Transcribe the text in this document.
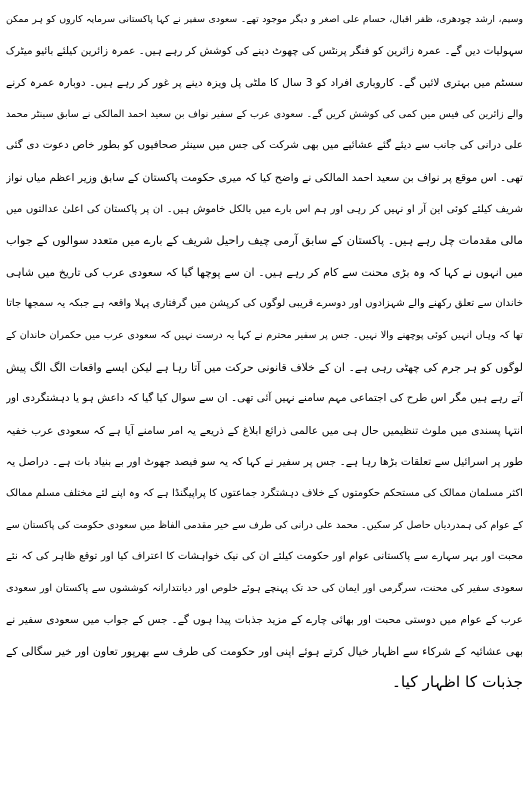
وسیم، ارشد چودھری، ظفر اقبال، حسام علی اصغر و دیگر موجود تھے۔ سعودی سفیر نے کہا پاکستانی سرمایہ کاروں کو ہر ممکن
سہولیات دیں گے۔ عمرہ زائرین کو فنگر پرنٹس کی چھوٹ دینے کی کوشش کر رہے ہیں۔ عمرہ زائرین کیلئے بائیو میٹرک
سسٹم میں بہتری لائیں گے۔ کاروباری افراد کو 3 سال کا ملٹی پل ویزہ دینے پر غور کر رہے ہیں۔ دوبارہ عمرہ کرنے
والے زائرین کی فیس میں کمی کی کوشش کریں گے۔ سعودی عرب کے سفیر نواف بن سعید احمد المالکی نے سابق سینٹر محمد
علی درانی کی جانب سے دیئے گئے عشائیے میں بھی شرکت کی جس میں سینئر صحافیوں کو بطور خاص دعوت دی گئی
تھی۔ اس موقع پر نواف بن سعید احمد المالکی نے واضح کیا کہ میری حکومت پاکستان کے سابق وزیر اعظم میاں نواز
شریف کیلئے کوئی این آر او نہیں کر رہی اور ہم اس بارے میں بالکل خاموش ہیں۔ ان پر پاکستان کی اعلیٰ عدالتوں میں
مالی مقدمات چل رہے ہیں۔ پاکستان کے سابق آرمی چیف راحیل شریف کے بارے میں متعدد سوالوں کے جواب
میں انہوں نے کہا کہ وہ بڑی محنت سے کام کر رہے ہیں۔ ان سے پوچھا گیا کہ سعودی عرب کی تاریخ میں شاہی
خاندان سے تعلق رکھنے والے شہزادوں اور دوسرے قریبی لوگوں کی کرپشن میں گرفتاری پہلا واقعہ ہے جبکہ یہ سمجھا جاتا
تھا کہ وہاں انہیں کوئی پوچھنے والا نہیں۔ جس پر سفیر محترم نے کہا یہ درست نہیں کہ سعودی عرب میں حکمران خاندان کے
لوگوں کو ہر جرم کی چھٹی رہی ہے۔ ان کے خلاف قانونی حرکت میں آتا رہا ہے لیکن ایسے واقعات الگ الگ پیش
آتے رہے ہیں مگر اس طرح کی اجتماعی مہم سامنے نہیں آئی تھی۔ ان سے سوال کیا گیا کہ داعش ہو یا دہشتگردی اور
انتہا پسندی میں ملوث تنظیمیں حال ہی میں عالمی ذرائع ابلاغ کے ذریعے یہ امر سامنے آیا ہے کہ سعودی عرب خفیہ
طور پر اسرائیل سے تعلقات بڑھا رہا ہے۔ جس پر سفیر نے کہا کہ یہ سو فیصد جھوٹ اور بے بنیاد بات ہے۔ دراصل یہ
اکثر مسلمان ممالک کی مستحکم حکومتوں کے خلاف دہشتگرد جماعتوں کا پراپیگنڈا ہے کہ وہ اپنے لئے مختلف مسلم ممالک
کے عوام کی ہمدردیاں حاصل کر سکیں۔ محمد علی درانی کی طرف سے خیر مقدمی الفاظ میں سعودی حکومت کی پاکستان سے
محبت اور بہر سہارے سے پاکستانی عوام اور حکومت کیلئے ان کی نیک خواہشات کا اعتراف کیا اور توقع ظاہر کی کہ نئے
سعودی سفیر کی محنت، سرگرمی اور ایمان کی حد تک پہنچے ہوئے خلوص اور دیانتدارانہ کوششوں سے پاکستان اور سعودی
عرب کے عوام میں دوستی محبت اور بھائی چارے کے مزید جذبات پیدا ہوں گے۔ جس کے جواب میں سعودی سفیر نے
بھی عشائیہ کے شرکاء سے اظہار خیال کرتے ہوئے اپنی اور حکومت کی طرف سے بھرپور تعاون اور خیر سگالی کے
جذبات کا اظہار کیا۔
